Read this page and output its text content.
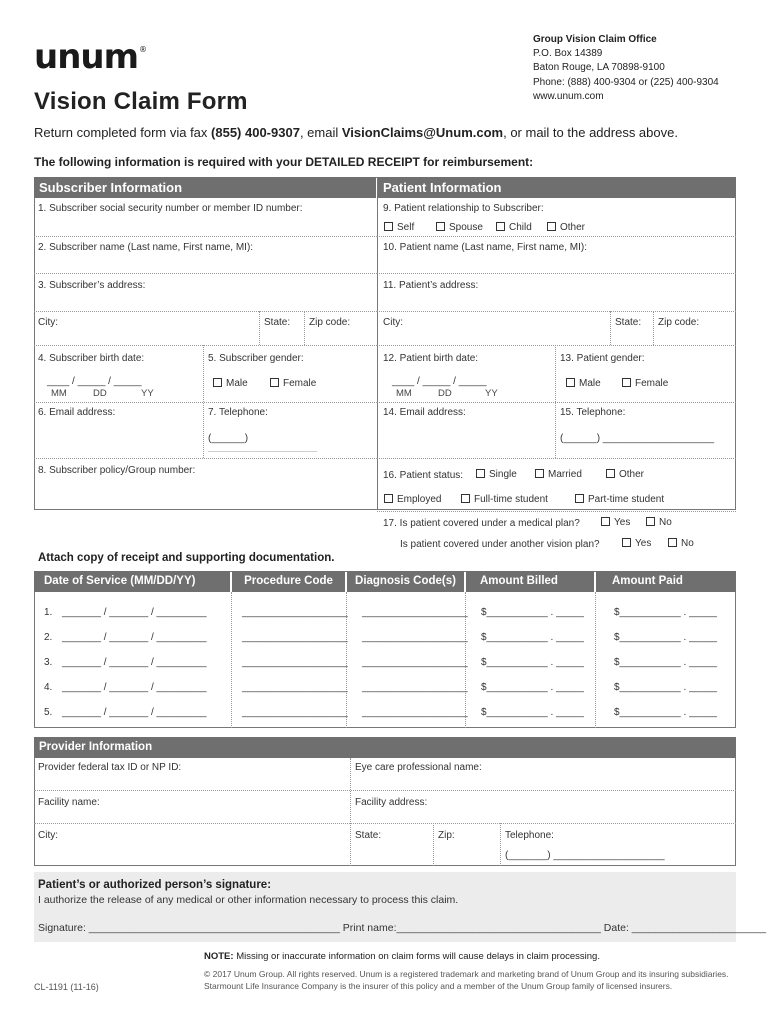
unum®
Vision Claim Form
Group Vision Claim Office
P.O. Box 14389
Baton Rouge, LA 70898-9100
Phone: (888) 400-9304 or (225) 400-9304
www.unum.com
Return completed form via fax (855) 400-9307, email VisionClaims@Unum.com, or mail to the address above.
The following information is required with your DETAILED RECEIPT for reimbursement:
Subscriber Information	Patient Information
1. Subscriber social security number or member ID number:
2. Subscriber name (Last name, First name, MI):
3. Subscriber’s address:
City:	State: Zip code:
4. Subscriber birth date:
____ / _____ / _____
MM	DD	YY
5. Subscriber gender:
Male	Female
6. Email address:	7. Telephone:
(______)
____________________________
8. Subscriber policy/Group number:
9. Patient relationship to Subscriber:
Self	Spouse	Child	Other
10. Patient name (Last name, First name, MI):
11. Patient’s address:
City:	State: Zip code:
12. Patient birth date:
____ / _____ / _____
MM	DD	YY
13. Patient gender:
Male	Female
14. Email address:	15. Telephone:
(______) ____________________
16. Patient status:	Single	Married	Other
Employed	Full-time student	Part-time student
17. Is patient covered under a medical plan?	Yes	No
Is patient covered under another vision plan?	Yes	No
Attach copy of receipt and supporting documentation.
Date of Service (MM/DD/YY)	Procedure Code	Diagnosis Code(s)	Amount Billed	Amount Paid
1. _______ / _______ / _________	___________________ ___________________ $___________ . _____	$___________ . _____
2. _______ / _______ / _________	___________________ ___________________ $___________ . _____	$___________ . _____
3. _______ / _______ / _________	___________________ ___________________ $___________ . _____	$___________ . _____
4. _______ / _______ / _________	___________________ ___________________ $___________ . _____	$___________ . _____
5. _______ / _______ / _________	___________________ ___________________ $___________ . _____	$___________ . _____
Provider Information
Provider federal tax ID or NP ID:	Eye care professional name:
Facility name:	Facility address:
City:	State:	Zip:	Telephone:
(_______) ____________________
Patient’s or authorized person’s signature:
I authorize the release of any medical or other information necessary to process this claim.
Signature: ___________________________________________ Print name:___________________________________ Date: _______________________
NOTE: Missing or inaccurate information on claim forms will cause delays in claim processing.
CL-1191 (11-16)
© 2017 Unum Group. All rights reserved. Unum is a registered trademark and marketing brand of Unum Group and its insuring subsidiaries.
Starmount Life Insurance Company is the insurer of this policy and a member of the Unum Group family of licensed insurers.
